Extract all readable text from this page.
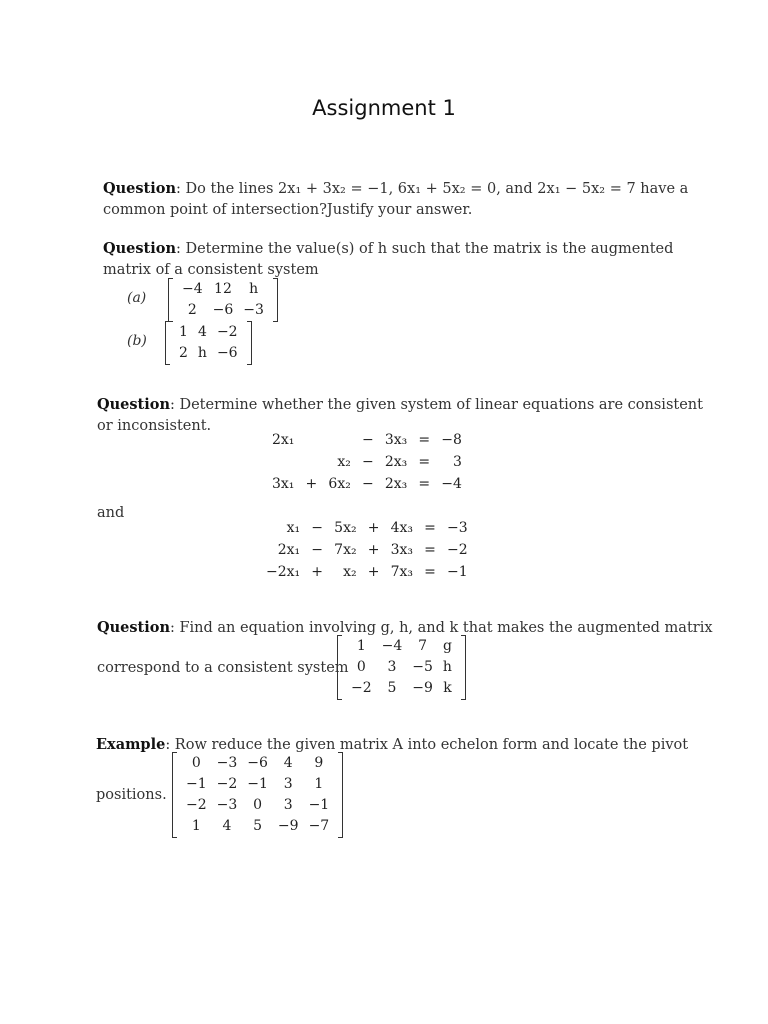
Assignment 1
Question: Do the lines 2x₁ + 3x₂ = −1, 6x₁ + 5x₂ = 0, and 2x₁ − 5x₂ = 7 have a
common point of intersection?Justify your answer.
Question: Determine the value(s) of h such that the matrix is the augmented
matrix of a consistent system
(a)
−4	12	h
2	−6	−3
(b)
1	4	−2
2	h	−6
Question: Determine whether the given system of linear equations are consistent
or inconsistent.
2x₁			−	3x₃	=	−8
		x₂	−	2x₃	=	3
3x₁	+	6x₂	−	2x₃	=	−4
and
x₁	−	5x₂	+	4x₃	=	−3
2x₁	−	7x₂	+	3x₃	=	−2
−2x₁	+	x₂	+	7x₃	=	−1
Question: Find an equation involving g, h, and k that makes the augmented matrix
correspond to a consistent system
1	−4	7	g
0	3	−5	h
−2	5	−9	k
Example: Row reduce the given matrix A into echelon form and locate the pivot
positions.
0	−3	−6	4	9
−1	−2	−1	3	1
−2	−3	0	3	−1
1	4	5	−9	−7
